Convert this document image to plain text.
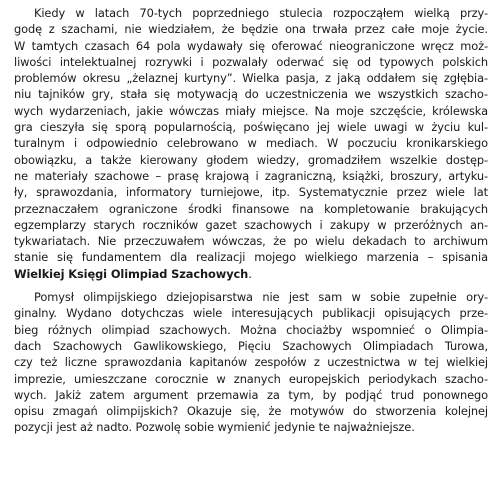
Kiedy w latach 70-tych poprzedniego stulecia rozpocząłem wielką przy-
godę z szachami, nie wiedziałem, że będzie ona trwała przez całe moje życie.
W tamtych czasach 64 pola wydawały się oferować nieograniczone wręcz moż-
liwości intelektualnej rozrywki i pozwalały oderwać się od typowych polskich
problemów okresu „żelaznej kurtyny”. Wielka pasja, z jaką oddałem się zgłębia-
niu tajników gry, stała się motywacją do uczestniczenia we wszystkich szacho-
wych wydarzeniach, jakie wówczas miały miejsce. Na moje szczęście, królewska
gra cieszyła się sporą popularnością, poświęcano jej wiele uwagi w życiu kul-
turalnym i odpowiednio celebrowano w mediach. W poczuciu kronikarskiego
obowiązku, a także kierowany głodem wiedzy, gromadziłem wszelkie dostęp-
ne materiały szachowe – prasę krajową i zagraniczną, książki, broszury, artyku-
ły, sprawozdania, informatory turniejowe, itp. Systematycznie przez wiele lat
przeznaczałem ograniczone środki finansowe na kompletowanie brakujących
egzemplarzy starych roczników gazet szachowych i zakupy w przeróżnych an-
tykwariatach. Nie przeczuwałem wówczas, że po wielu dekadach to archiwum
stanie się fundamentem dla realizacji mojego wielkiego marzenia – spisania
Wielkiej Księgi Olimpiad Szachowych.
Pomysł olimpijskiego dziejopisarstwa nie jest sam w sobie zupełnie ory-
ginalny. Wydano dotychczas wiele interesujących publikacji opisujących prze-
bieg różnych olimpiad szachowych. Można chociażby wspomnieć o Olimpia-
dach Szachowych Gawlikowskiego, Pięciu Szachowych Olimpiadach Turowa,
czy też liczne sprawozdania kapitanów zespołów z uczestnictwa w tej wielkiej
imprezie, umieszczane corocznie w znanych europejskich periodykach szacho-
wych. Jakiż zatem argument przemawia za tym, by podjąć trud ponownego
opisu zmagań olimpijskich? Okazuje się, że motywów do stworzenia kolejnej
pozycji jest aż nadto. Pozwolę sobie wymienić jedynie te najważniejsze.
